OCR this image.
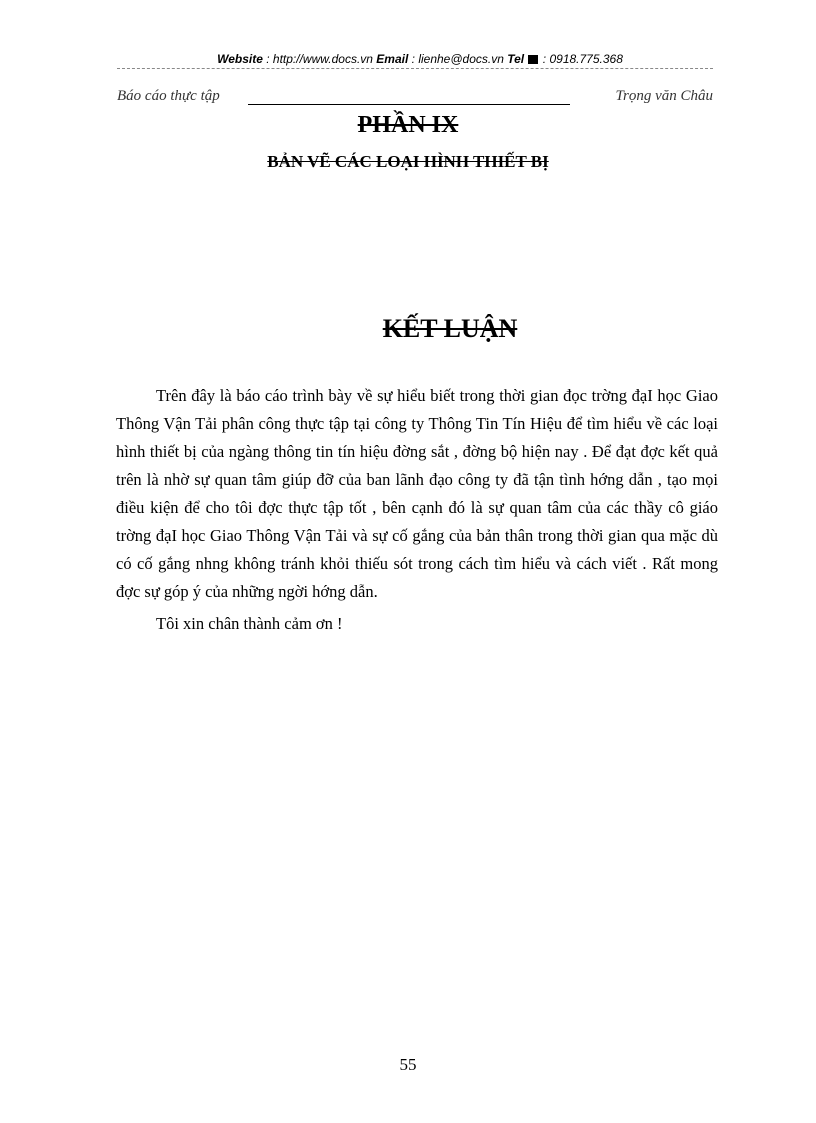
Website : http://www.docs.vn Email : lienhe@docs.vn Tel  : 0918.775.368
Báo cáo thực tập	Trọng văn Châu
PHẦN IX
BẢN VẼ CÁC LOẠI HÌNH THIẾT BỊ
KẾT LUẬN

Trên đây là báo cáo trình bày về sự hiểu biết trong thời gian đọc trờng đạI học Giao Thông Vận Tải phân công thực tập tại công ty Thông Tin Tín Hiệu để tìm hiểu về các loại hình thiết bị của ngàng thông tin tín hiệu đờng sắt , đờng bộ hiện nay . Để đạt đợc kết quả trên là nhờ sự quan tâm giúp đỡ của ban lãnh đạo công ty đã tận tình hớng dẫn , tạo mọi điều kiện để cho tôi đợc thực tập tốt , bên cạnh đó là sự quan tâm của các thầy cô giáo trờng đạI học Giao Thông Vận Tải và sự cố gắng của bản thân trong thời gian qua mặc dù có cố gắng nhng không tránh khỏi thiếu sót trong cách tìm hiểu và cách viết . Rất mong đợc sự góp ý của những ngời hớng dẫn.

Tôi xin chân thành cảm ơn !

55
